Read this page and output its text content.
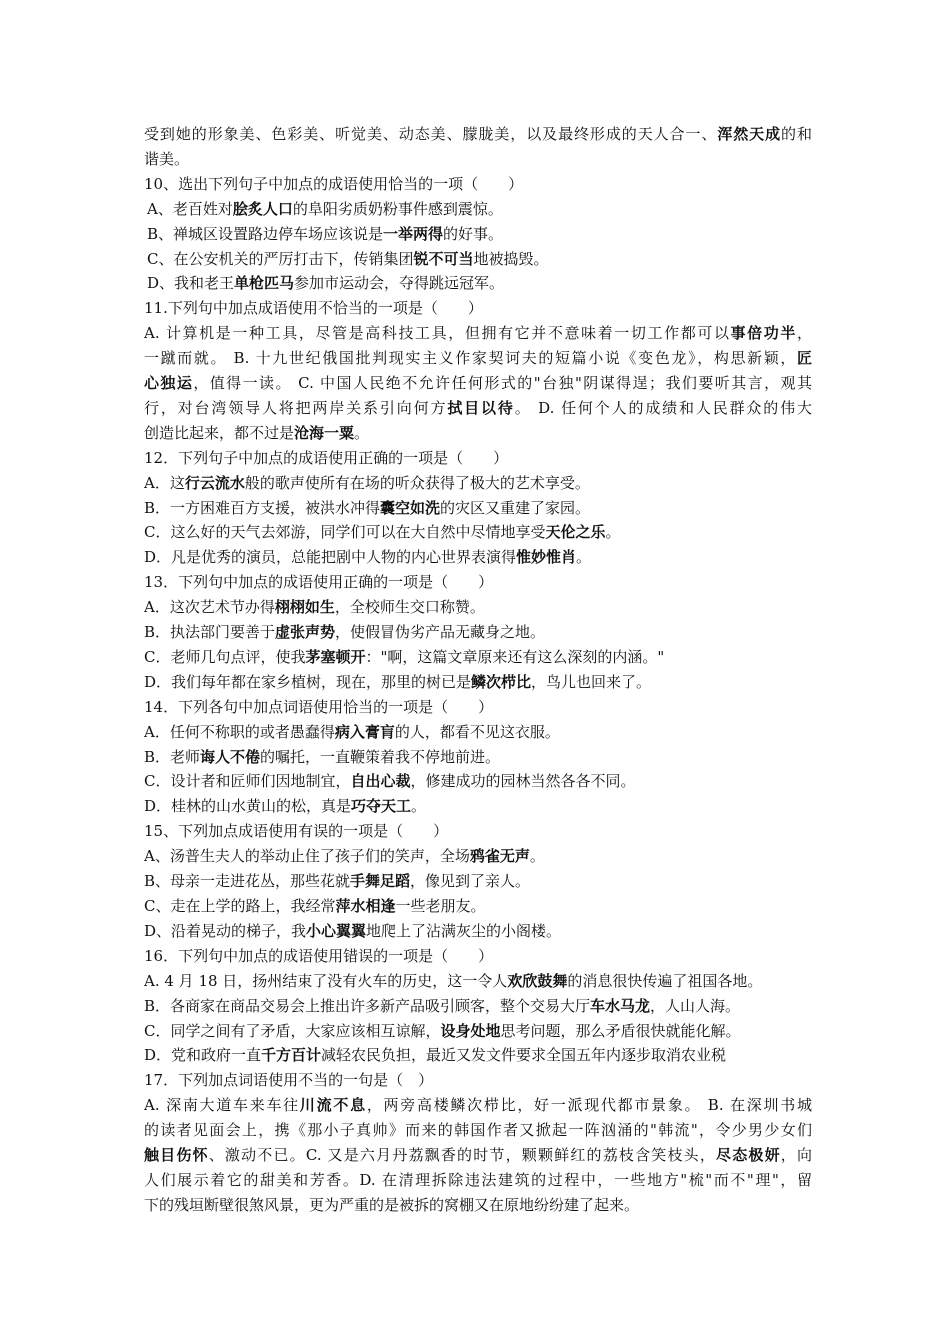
受到她的形象美、色彩美、听觉美、动态美、朦胧美，以及最终形成的天人合一、浑然天成的和
谐美。
10、选出下列句子中加点的成语使用恰当的一项（　　）
A、老百姓对脍炙人口的阜阳劣质奶粉事件感到震惊。
B、禅城区设置路边停车场应该说是一举两得的好事。
C、在公安机关的严厉打击下，传销集团锐不可当地被捣毁。
D、我和老王单枪匹马参加市运动会，夺得跳远冠军。
11.下列句中加点成语使用不恰当的一项是（　　）
A. 计算机是一种工具，尽管是高科技工具，但拥有它并不意味着一切工作都可以事倍功半，
一蹴而就。 B. 十九世纪俄国批判现实主义作家契诃夫的短篇小说《变色龙》，构思新颖，匠
心独运，值得一读。 C. 中国人民绝不允许任何形式的"台独"阴谋得逞；我们要听其言，观其
行，对台湾领导人将把两岸关系引向何方拭目以待。 D. 任何个人的成绩和人民群众的伟大
创造比起来，都不过是沧海一粟。
12．下列句子中加点的成语使用正确的一项是（　　）
A．这行云流水般的歌声使所有在场的听众获得了极大的艺术享受。
B．一方困难百方支援，被洪水冲得囊空如洗的灾区又重建了家园。
C．这么好的天气去郊游，同学们可以在大自然中尽情地享受天伦之乐。
D．凡是优秀的演员，总能把剧中人物的内心世界表演得惟妙惟肖。
13．下列句中加点的成语使用正确的一项是（　　）
A．这次艺术节办得栩栩如生，全校师生交口称赞。
B．执法部门要善于虚张声势，使假冒伪劣产品无藏身之地。
C．老师几句点评，使我茅塞顿开："啊，这篇文章原来还有这么深刻的内涵。"
D．我们每年都在家乡植树，现在，那里的树已是鳞次栉比，鸟儿也回来了。
14．下列各句中加点词语使用恰当的一项是（　　）
A．任何不称职的或者愚蠢得病入膏肓的人，都看不见这衣服。
B．老师诲人不倦的嘱托，一直鞭策着我不停地前进。
C．设计者和匠师们因地制宜，自出心裁，修建成功的园林当然各各不同。
D．桂林的山水黄山的松，真是巧夺天工。
15、下列加点成语使用有误的一项是（　　）
A、汤普生夫人的举动止住了孩子们的笑声，全场鸦雀无声。
B、母亲一走进花丛，那些花就手舞足蹈，像见到了亲人。
C、走在上学的路上，我经常萍水相逢一些老朋友。
D、沿着晃动的梯子，我小心翼翼地爬上了沾满灰尘的小阁楼。
16．下列句中加点的成语使用错误的一项是（　　）
A. 4 月 18 日，扬州结束了没有火车的历史，这一令人欢欣鼓舞的消息很快传遍了祖国各地。
B．各商家在商品交易会上推出许多新产品吸引顾客，整个交易大厅车水马龙，人山人海。
C．同学之间有了矛盾，大家应该相互谅解，设身处地思考问题，那么矛盾很快就能化解。
D．党和政府一直千方百计减轻农民负担，最近又发文件要求全国五年内逐步取消农业税
17．下列加点词语使用不当的一句是（　）
A. 深南大道车来车往川流不息，两旁高楼鳞次栉比，好一派现代都市景象。 B. 在深圳书城
的读者见面会上，携《那小子真帅》而来的韩国作者又掀起一阵汹涌的"韩流"，令少男少女们
触目伤怀、激动不已。C. 又是六月丹荔飘香的时节，颗颗鲜红的荔枝含笑枝头，尽态极妍，向
人们展示着它的甜美和芳香。D. 在清理拆除违法建筑的过程中，一些地方"梳"而不"理"，留
下的残垣断壁很煞风景，更为严重的是被拆的窝棚又在原地纷纷建了起来。
